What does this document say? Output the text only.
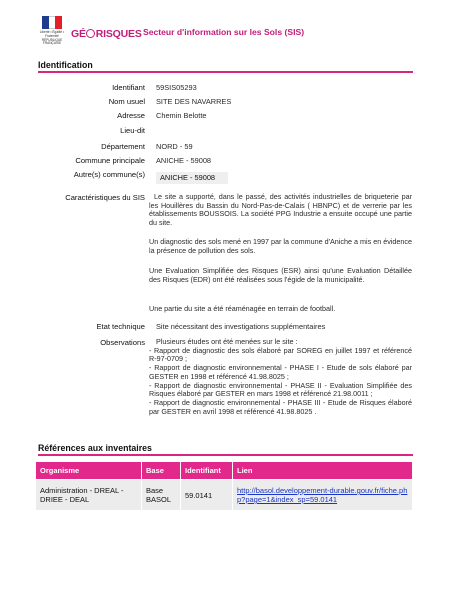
Liberté • Égalité • Fraternité RÉPUBLIQUE FRANÇAISE
GÉ RISQUES Secteur d'information sur les Sols (SIS)
Identification
Identifiant 59SIS05293
Nom usuel SITE DES NAVARRES
Adresse Chemin Belotte
Lieu-dit
Département NORD - 59
Commune principale ANICHE - 59008
Autre(s) commune(s)	ANICHE - 59008
Caractéristiques du SIS	Le site a supporté, dans le passé, des activités industrielles de briqueterie par les Houillères du Bassin du Nord-Pas-de-Calais ( HBNPC) et de verrerie par les établissements BOUSSOIS. La société PPG Industrie a ensuite occupé une partie du site.

Un diagnostic des sols mené en 1997 par la commune d'Aniche a mis en évidence la présence de pollution des sols.

Une Evaluation Simplifiée des Risques (ESR) ainsi qu'une Evaluation Détaillée des Risques (EDR) ont été réalisées sous l'égide de la municipalité.

Une partie du site a été réaménagée en terrain de football.

Etat technique Site nécessitant des investigations supplémentaires
Observations	Plusieurs études ont été menées sur le site :
- Rapport de diagnostic des sols élaboré par SOREG en juillet 1997 et référencé R-97-0709 ;
- Rapport de diagnostic environnemental - PHASE I - Etude de sols élaboré par GESTER en 1998 et référencé 41.98.8025 ;
- Rapport de diagnostic environnemental - PHASE II - Evaluation Simplifiée des Risques élaboré par GESTER en mars 1998 et référencé 21.98.0011 ;
- Rapport de diagnostic environnemental - PHASE III - Etude de Risques élaboré par GESTER en avril 1998 et référencé 41.98.8025 .
Références aux inventaires
Organisme	Base	Identifiant	Lien
Administration - DREAL - DRIEE - DEAL	Base BASOL	59.0141	http://basol.developpement-durable.gouv.fr/fiche.php?page=1&index_sp=59.0141
